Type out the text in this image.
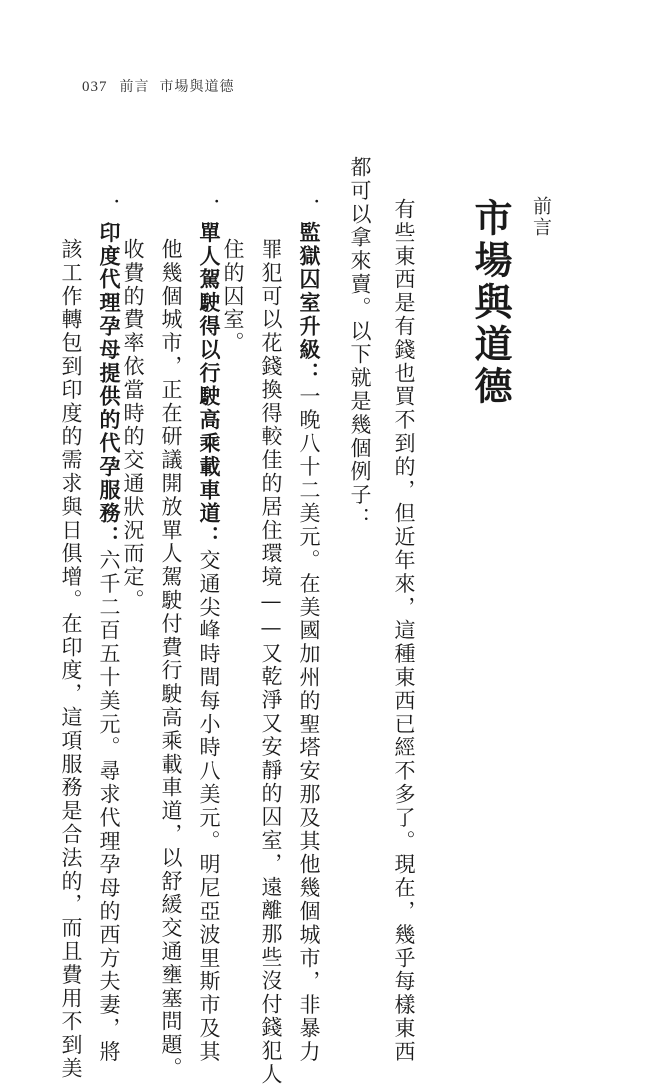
037 前言 市場與道德
前言
市場與道德
有些東西是有錢也買不到的，但近年來，這種東西已經不多了。現在，幾乎每樣東西
都可以拿來賣。以下就是幾個例子：
．監獄囚室升級：一晚八十二美元。在美國加州的聖塔安那及其他幾個城市，非暴力
罪犯可以花錢換得較佳的居住環境——又乾淨又安靜的囚室，遠離那些沒付錢犯人
住的囚室。
．單人駕駛得以行駛高乘載車道：交通尖峰時間每小時八美元。明尼亞波里斯市及其
他幾個城市，正在研議開放單人駕駛付費行駛高乘載車道，以舒緩交通壅塞問題。
收費的費率依當時的交通狀況而定。
．印度代理孕母提供的代孕服務：六千二百五十美元。尋求代理孕母的西方夫妻，將
該工作轉包到印度的需求與日俱增。在印度，這項服務是合法的，而且費用不到美
